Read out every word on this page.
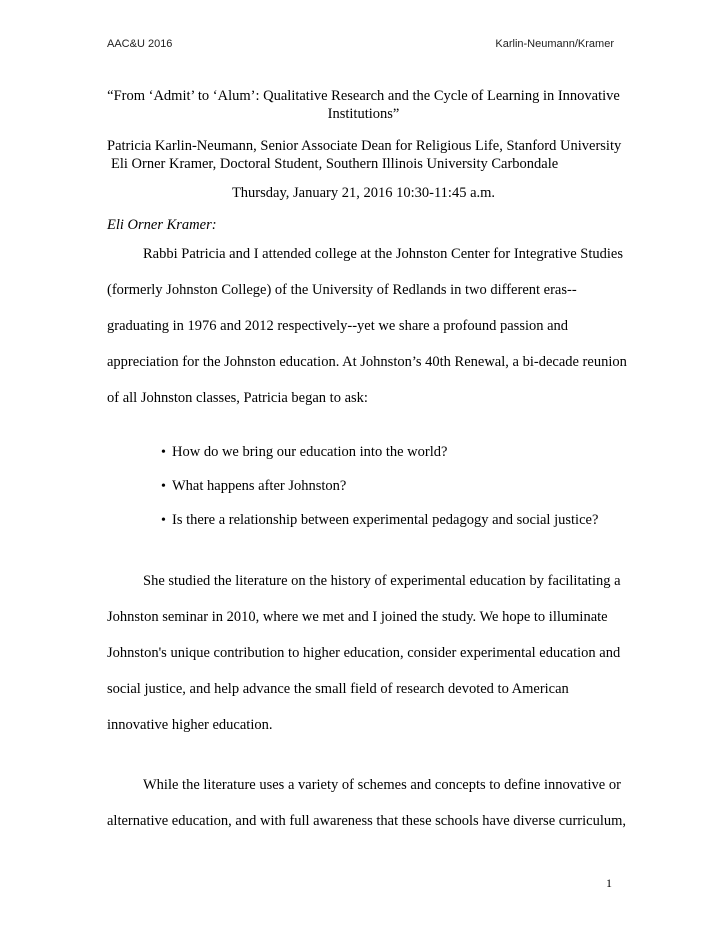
AAC&U 2016	Karlin-Neumann/Kramer
“From ‘Admit’ to ‘Alum’: Qualitative Research and the Cycle of Learning in Innovative Institutions”
Patricia Karlin-Neumann, Senior Associate Dean for Religious Life, Stanford University
Eli Orner Kramer, Doctoral Student, Southern Illinois University Carbondale
Thursday, January 21, 2016 10:30-11:45 a.m.
Eli Orner Kramer:
Rabbi Patricia and I attended college at the Johnston Center for Integrative Studies
(formerly Johnston College) of the University of Redlands in two different eras--
graduating in 1976 and 2012 respectively--yet we share a profound passion and
appreciation for the Johnston education. At Johnston’s 40th Renewal, a bi-decade reunion
of all Johnston classes, Patricia began to ask:
• How do we bring our education into the world?
• What happens after Johnston?
• Is there a relationship between experimental pedagogy and social justice?
She studied the literature on the history of experimental education by facilitating a
Johnston seminar in 2010, where we met and I joined the study. We hope to illuminate
Johnston's unique contribution to higher education, consider experimental education and
social justice, and help advance the small field of research devoted to American
innovative higher education.
While the literature uses a variety of schemes and concepts to define innovative or
alternative education, and with full awareness that these schools have diverse curriculum,
1
